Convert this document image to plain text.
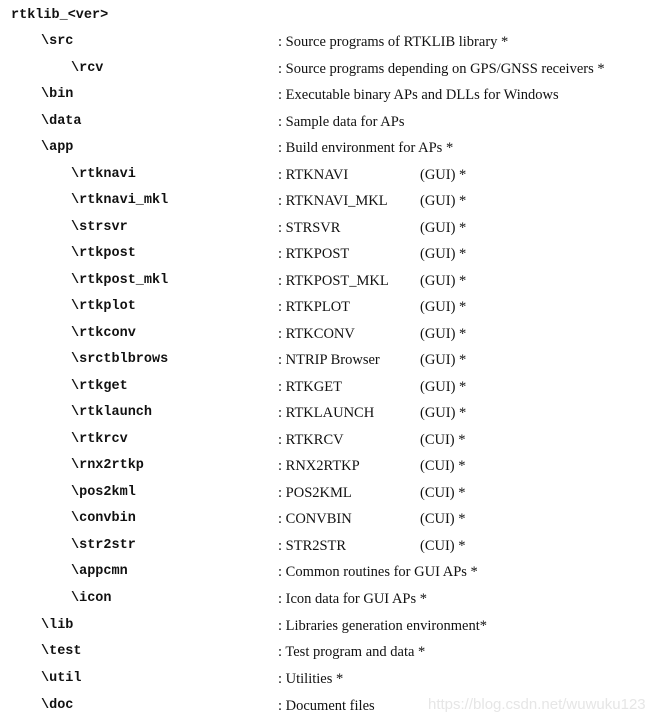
rtklib_<ver>
\src	: Source programs of RTKLIB library *
\rcv	: Source programs depending on GPS/GNSS receivers *
\bin	: Executable binary APs and DLLs for Windows
\data	: Sample data for APs
\app	: Build environment for APs *
\rtknavi	: RTKNAVI	(GUI) *
\rtknavi_mkl	: RTKNAVI_MKL (GUI) *
\strsvr	: STRSVR	(GUI) *
\rtkpost	: RTKPOST	(GUI) *
\rtkpost_mkl	: RTKPOST_MKL (GUI) *
\rtkplot	: RTKPLOT	(GUI) *
\rtkconv	: RTKCONV	(GUI) *
\srctblbrows	: NTRIP Browser	(GUI) *
\rtkget	: RTKGET	(GUI) *
\rtklaunch	: RTKLAUNCH	(GUI) *
\rtkrcv	: RTKRCV	(CUI) *
\rnx2rtkp	: RNX2RTKP	(CUI) *
\pos2kml	: POS2KML	(CUI) *
\convbin	: CONVBIN	(CUI) *
\str2str	: STR2STR	(CUI) *
\appcmn	: Common routines for GUI APs *
\icon	: Icon data for GUI APs *
\lib	: Libraries generation environment*
\test	: Test program and data *
\util	: Utilities *
\doc	: Document files	https://blog.csdn.net/wuwuku123
